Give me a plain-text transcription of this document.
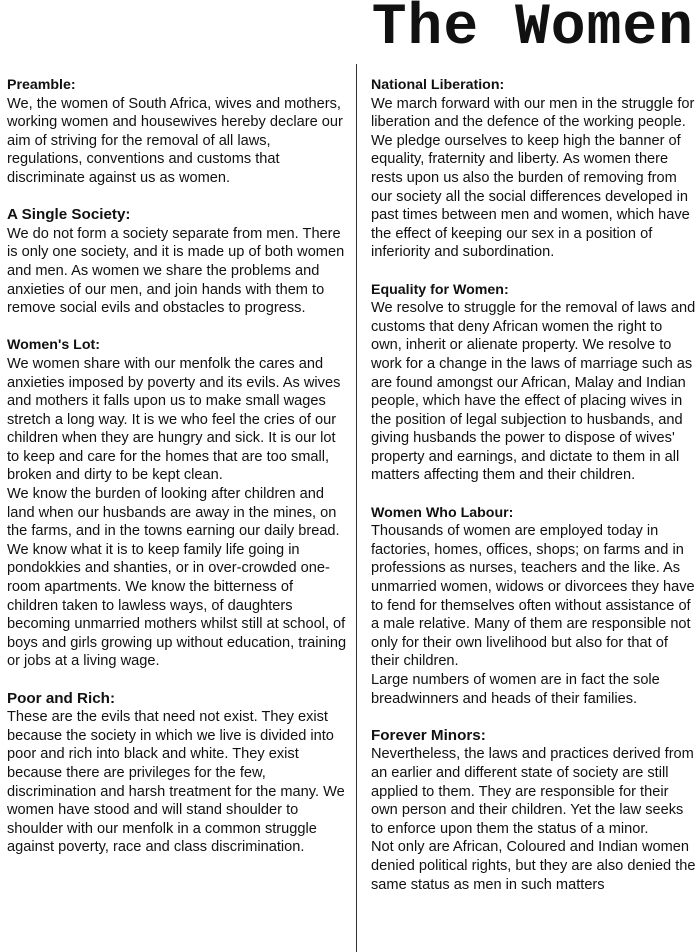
The Women
Preamble:

We, the women of South Africa, wives and mothers, working women and housewives hereby declare our aim of striving for the removal of all laws, regulations, conventions and customs that discriminate against us as women.

A Single Society:

We do not form a society separate from men. There is only one society, and it is made up of both women and men. As women we share the problems and anxieties of our men, and join hands with them to remove social evils and obstacles to progress.

Women's Lot:

We women share with our menfolk the cares and anxieties imposed by poverty and its evils. As wives and mothers it falls upon us to make small wages stretch a long way. It is we who feel the cries of our children when they are hungry and sick. It is our lot to keep and care for the homes that are too small, broken and dirty to be kept clean.

We know the burden of looking after children and land when our husbands are away in the mines, on the farms, and in the towns earning our daily bread.

We know what it is to keep family life going in pondokkies and shanties, or in over-crowded one-room apartments. We know the bitterness of children taken to lawless ways, of daughters becoming unmarried mothers whilst still at school, of boys and girls growing up without education, training or jobs at a living wage.

Poor and Rich:

These are the evils that need not exist. They exist because the society in which we live is divided into poor and rich into black and white. They exist because there are privileges for the few, discrimination and harsh treatment for the many. We women have stood and will stand shoulder to shoulder with our menfolk in a common struggle against poverty, race and class discrimination.

National Liberation:

We march forward with our men in the struggle for liberation and the defence of the working people. We pledge ourselves to keep high the banner of equality, fraternity and liberty. As women there rests upon us also the burden of removing from our society all the social differences developed in past times between men and women, which have the effect of keeping our sex in a position of inferiority and subordination.

Equality for Women:

We resolve to struggle for the removal of laws and customs that deny African women the right to own, inherit or alienate property. We resolve to work for a change in the laws of marriage such as are found amongst our African, Malay and Indian people, which have the effect of placing wives in the position of legal subjection to husbands, and giving husbands the power to dispose of wives' property and earnings, and dictate to them in all matters affecting them and their children.

Women Who Labour:

Thousands of women are employed today in factories, homes, offices, shops; on farms and in professions as nurses, teachers and the like. As unmarried women, widows or divorcees they have to fend for themselves often without assistance of a male relative. Many of them are responsible not only for their own livelihood but also for that of their children.

Large numbers of women are in fact the sole breadwinners and heads of their families.

Forever Minors:

Nevertheless, the laws and practices derived from an earlier and different state of society are still applied to them. They are responsible for their own person and their children. Yet the law seeks to enforce upon them the status of a minor.

Not only are African, Coloured and Indian women denied political rights, but they are also denied the same status as men in such matters
